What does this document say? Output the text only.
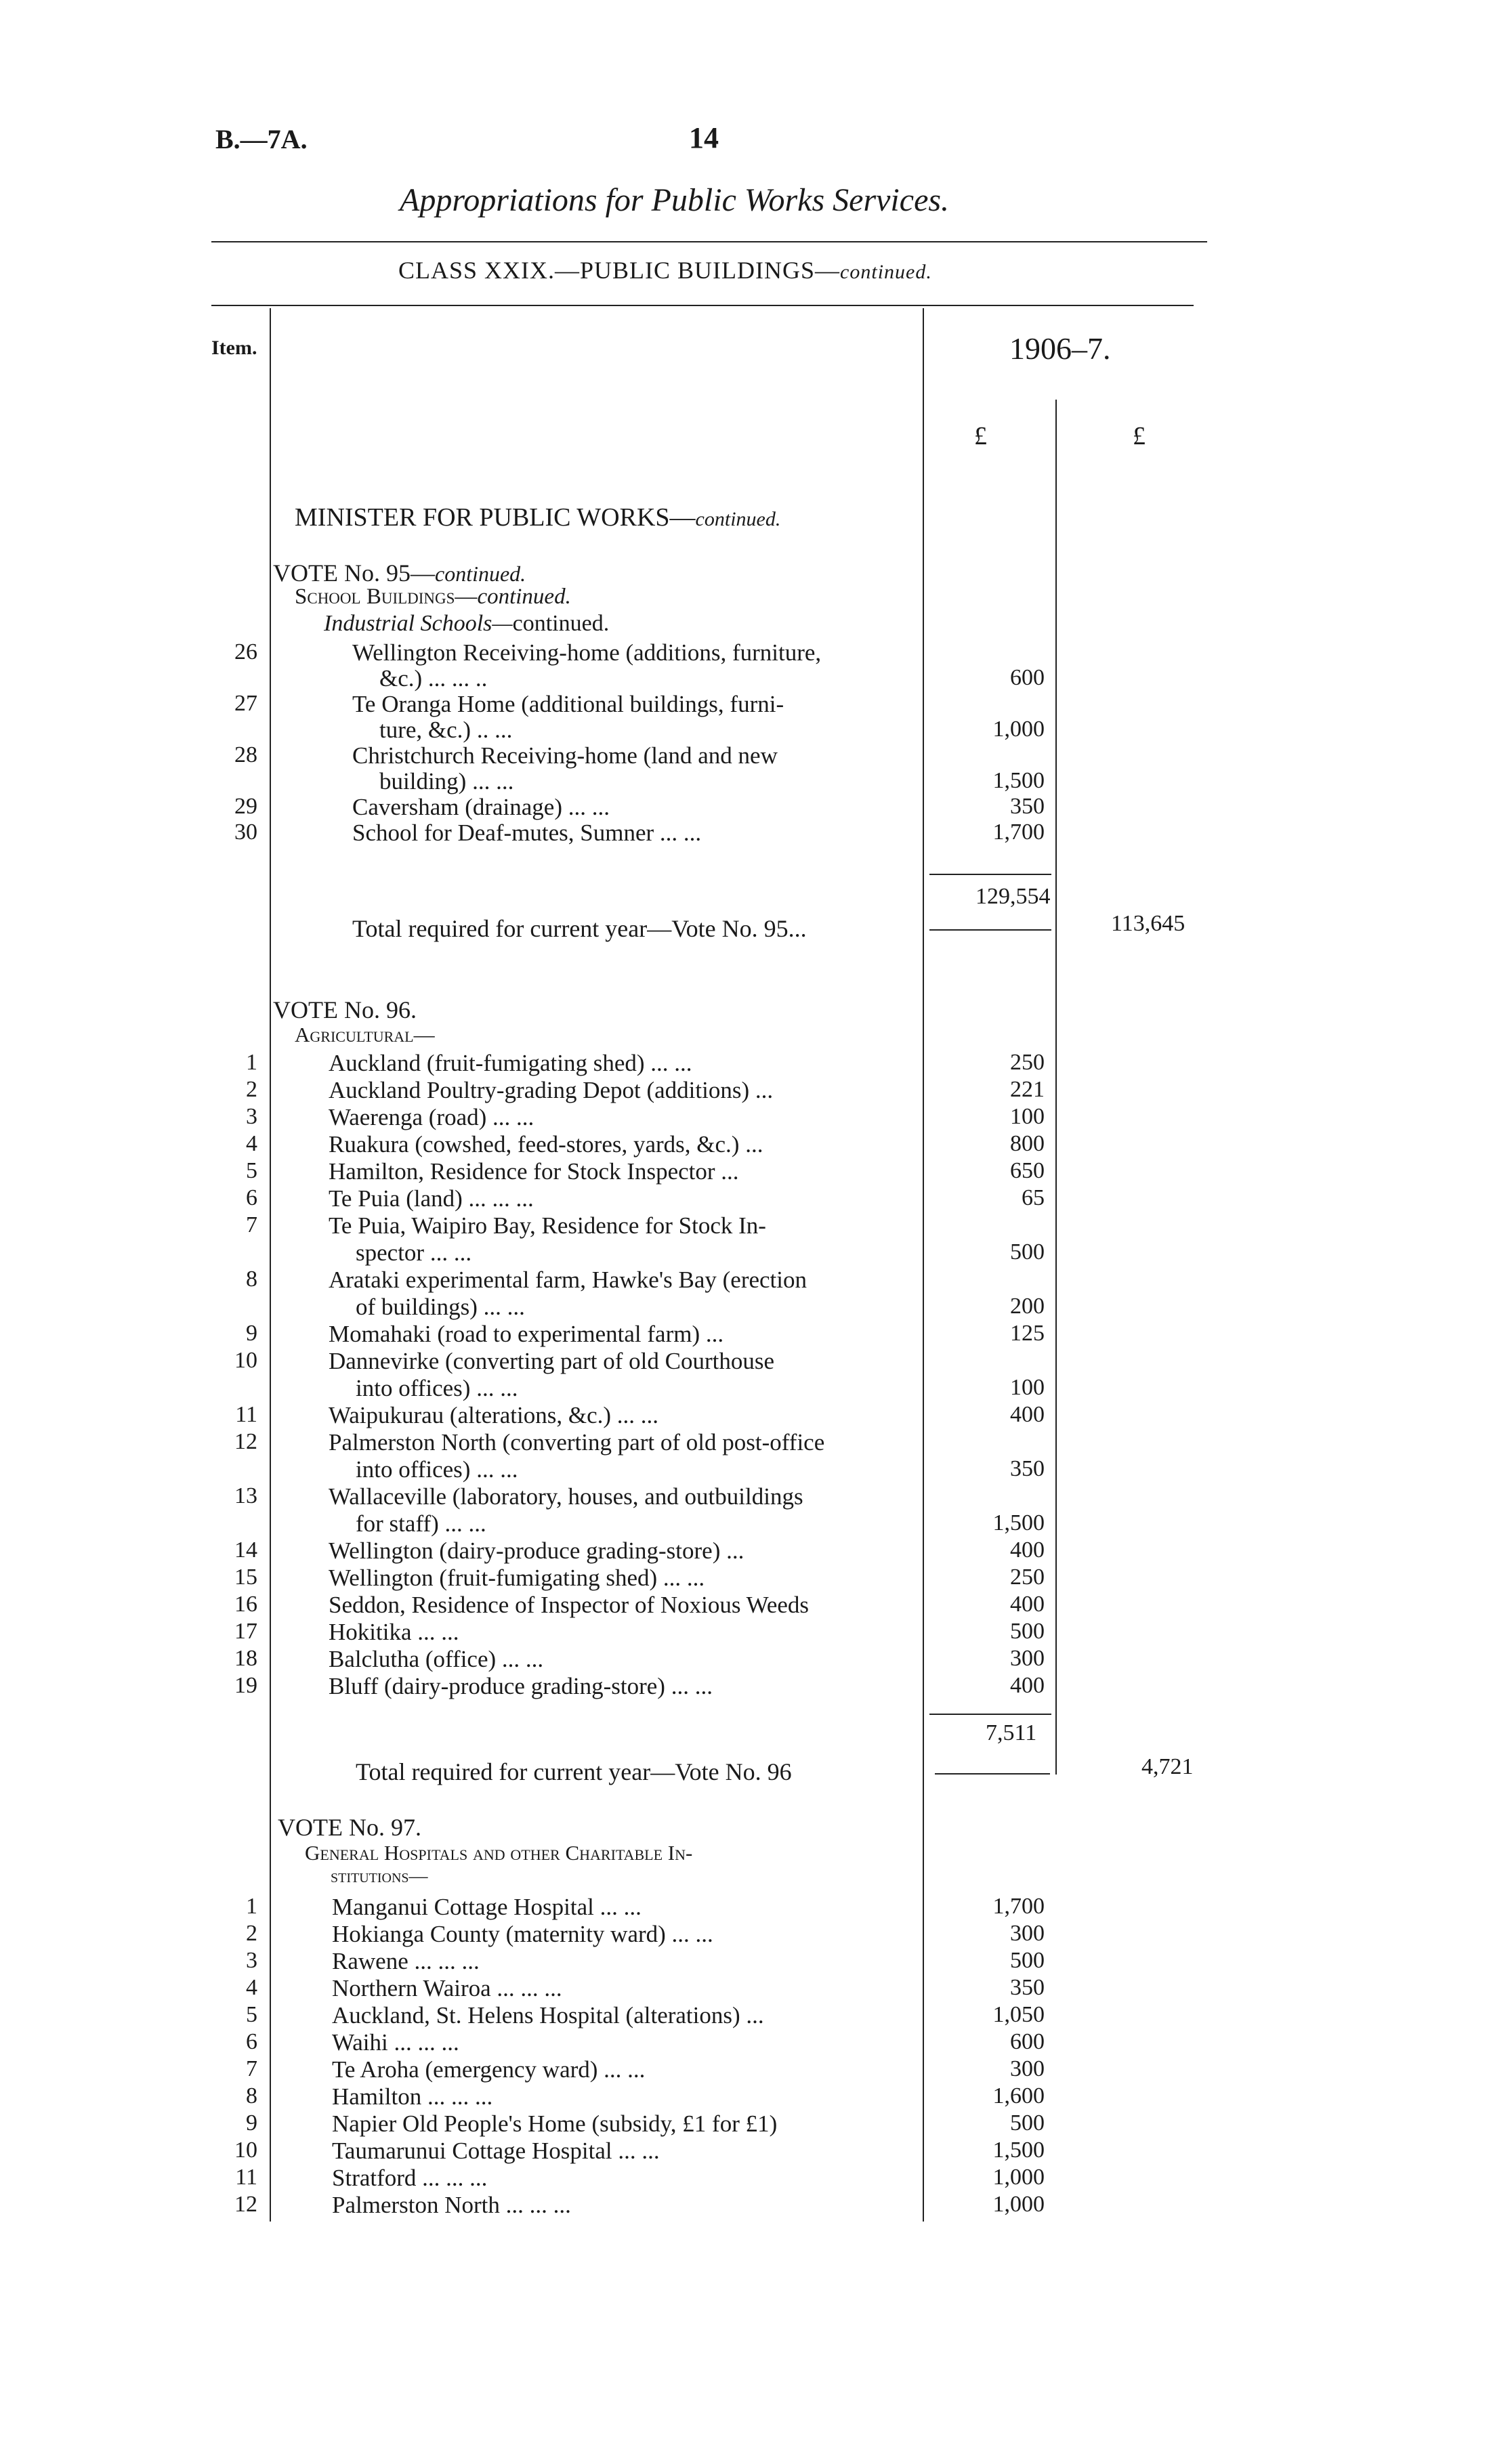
B.—7A.	14
Appropriations for Public Works Services.
CLASS XXIX.—PUBLIC BUILDINGS—continued.
Item.	1906–7.
£	£
MINISTER FOR PUBLIC WORKS—continued.
VOTE No. 95—continued.
School Buildings—continued.
Industrial Schools—continued.
26	Wellington Receiving-home (additions, furniture,
&c.) ... ... ..	600
27	Te Oranga Home (additional buildings, furni-
ture, &c.) .. ...	1,000
28	Christchurch Receiving-home (land and new
building) ... ...	1,500
29	Caversham (drainage) ... ...	350
30	School for Deaf-mutes, Sumner ... ...	1,700
129,554
Total required for current year—Vote No. 95...	113,645
VOTE No. 96.
Agricultural—
1	Auckland (fruit-fumigating shed) ... ...	250
2	Auckland Poultry-grading Depot (additions) ...	221
3	Waerenga (road) ... ...	100
4	Ruakura (cowshed, feed-stores, yards, &c.) ...	800
5	Hamilton, Residence for Stock Inspector ...	650
6	Te Puia (land) ... ... ...	65
7	Te Puia, Waipiro Bay, Residence for Stock In-
spector ... ...	500
8	Arataki experimental farm, Hawke's Bay (erection
of buildings) ... ...	200
9	Momahaki (road to experimental farm) ...	125
10	Dannevirke (converting part of old Courthouse
into offices) ... ...	100
11	Waipukurau (alterations, &c.) ... ...	400
12	Palmerston North (converting part of old post-office
into offices) ... ...	350
13	Wallaceville (laboratory, houses, and outbuildings
for staff) ... ...	1,500
14	Wellington (dairy-produce grading-store) ...	400
15	Wellington (fruit-fumigating shed) ... ...	250
16	Seddon, Residence of Inspector of Noxious Weeds	400
17	Hokitika ... ...	500
18	Balclutha (office) ... ...	300
19	Bluff (dairy-produce grading-store) ... ...	400
7,511
Total required for current year—Vote No. 96	4,721
VOTE No. 97.
General Hospitals and other Charitable In-
stitutions—
1	Manganui Cottage Hospital ... ...	1,700
2	Hokianga County (maternity ward) ... ...	300
3	Rawene ... ... ...	500
4	Northern Wairoa ... ... ...	350
5	Auckland, St. Helens Hospital (alterations) ...	1,050
6	Waihi ... ... ...	600
7	Te Aroha (emergency ward) ... ...	300
8	Hamilton ... ... ...	1,600
9	Napier Old People's Home (subsidy, £1 for £1)	500
10	Taumarunui Cottage Hospital ... ...	1,500
11	Stratford ... ... ...	1,000
12	Palmerston North ... ... ...	1,000
